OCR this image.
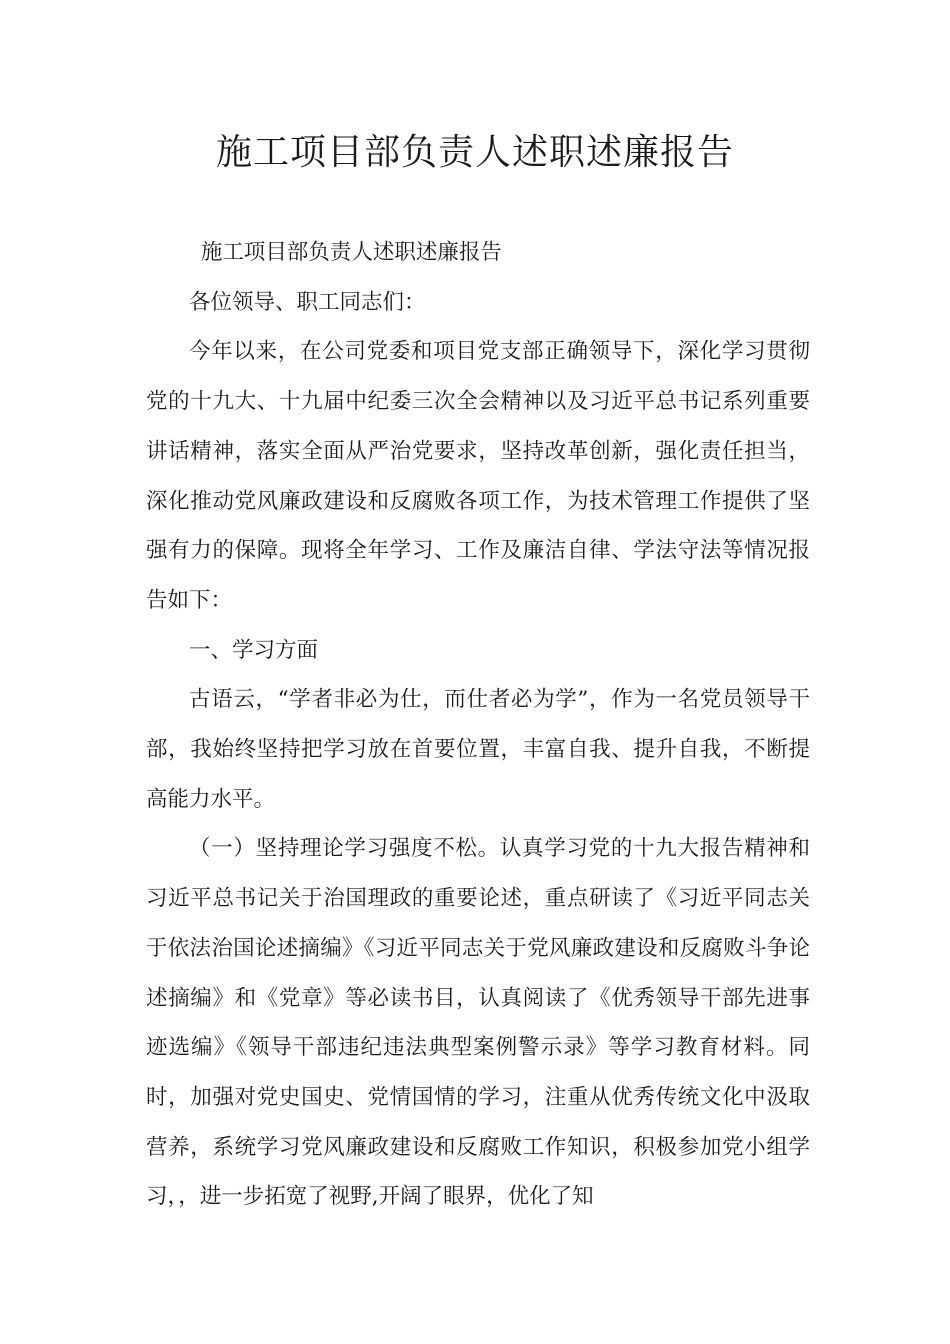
施工项目部负责人述职述廉报告

施工项目部负责人述职述廉报告

各位领导、职工同志们：

今年以来，在公司党委和项目党支部正确领导下，深化学习贯彻党的十九大、十九届中纪委三次全会精神以及习近平总书记系列重要讲话精神，落实全面从严治党要求，坚持改革创新，强化责任担当，深化推动党风廉政建设和反腐败各项工作，为技术管理工作提供了坚强有力的保障。现将全年学习、工作及廉洁自律、学法守法等情况报告如下：

一、学习方面

古语云，“学者非必为仕，而仕者必为学”，作为一名党员领导干部，我始终坚持把学习放在首要位置，丰富自我、提升自我，不断提高能力水平。

（一）坚持理论学习强度不松。认真学习党的十九大报告精神和习近平总书记关于治国理政的重要论述，重点研读了《习近平同志关于依法治国论述摘编》《习近平同志关于党风廉政建设和反腐败斗争论述摘编》和《党章》等必读书目，认真阅读了《优秀领导干部先进事迹选编》《领导干部违纪违法典型案例警示录》等学习教育材料。同时，加强对党史国史、党情国情的学习，注重从优秀传统文化中汲取营养，系统学习党风廉政建设和反腐败工作知识，积极参加党小组学习，，进一步拓宽了视野,开阔了眼界，优化了知
